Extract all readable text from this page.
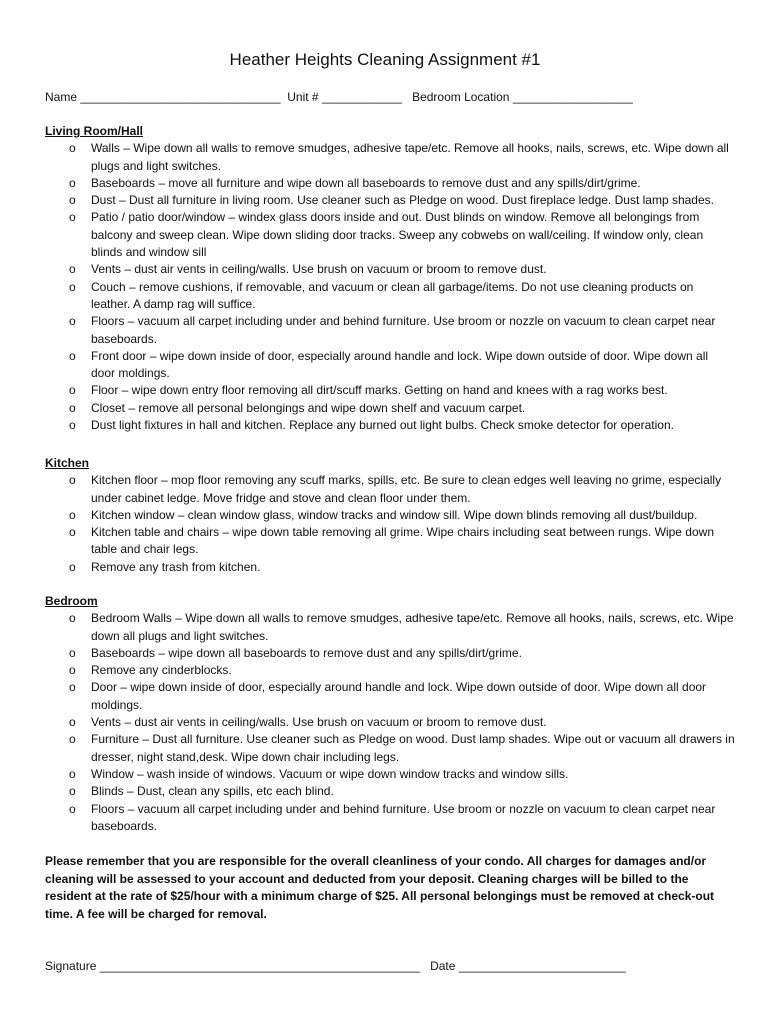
Heather Heights Cleaning Assignment #1
Name ______________________________ Unit # ____________ Bedroom Location __________________
Living Room/Hall
o Walls – Wipe down all walls to remove smudges, adhesive tape/etc. Remove all hooks, nails, screws, etc. Wipe down all plugs and light switches.
o Baseboards – move all furniture and wipe down all baseboards to remove dust and any spills/dirt/grime.
o Dust – Dust all furniture in living room. Use cleaner such as Pledge on wood. Dust fireplace ledge. Dust lamp shades.
o Patio / patio door/window – windex glass doors inside and out. Dust blinds on window. Remove all belongings from balcony and sweep clean. Wipe down sliding door tracks. Sweep any cobwebs on wall/ceiling. If window only, clean blinds and window sill
o Vents – dust air vents in ceiling/walls. Use brush on vacuum or broom to remove dust.
o Couch – remove cushions, if removable, and vacuum or clean all garbage/items. Do not use cleaning products on leather. A damp rag will suffice.
o Floors – vacuum all carpet including under and behind furniture. Use broom or nozzle on vacuum to clean carpet near baseboards.
o Front door – wipe down inside of door, especially around handle and lock. Wipe down outside of door. Wipe down all door moldings.
o Floor – wipe down entry floor removing all dirt/scuff marks. Getting on hand and knees with a rag works best.
o Closet – remove all personal belongings and wipe down shelf and vacuum carpet.
o Dust light fixtures in hall and kitchen. Replace any burned out light bulbs. Check smoke detector for operation.
Kitchen
o Kitchen floor – mop floor removing any scuff marks, spills, etc. Be sure to clean edges well leaving no grime, especially under cabinet ledge. Move fridge and stove and clean floor under them.
o Kitchen window – clean window glass, window tracks and window sill. Wipe down blinds removing all dust/buildup.
o Kitchen table and chairs – wipe down table removing all grime. Wipe chairs including seat between rungs. Wipe down table and chair legs.
o Remove any trash from kitchen.
Bedroom
o Bedroom Walls – Wipe down all walls to remove smudges, adhesive tape/etc. Remove all hooks, nails, screws, etc. Wipe down all plugs and light switches.
o Baseboards – wipe down all baseboards to remove dust and any spills/dirt/grime.
o Remove any cinderblocks.
o Door – wipe down inside of door, especially around handle and lock. Wipe down outside of door. Wipe down all door moldings.
o Vents – dust air vents in ceiling/walls. Use brush on vacuum or broom to remove dust.
o Furniture – Dust all furniture. Use cleaner such as Pledge on wood. Dust lamp shades. Wipe out or vacuum all drawers in dresser, night stand,desk. Wipe down chair including legs.
o Window – wash inside of windows. Vacuum or wipe down window tracks and window sills.
o Blinds – Dust, clean any spills, etc each blind.
o Floors – vacuum all carpet including under and behind furniture. Use broom or nozzle on vacuum to clean carpet near baseboards.
Please remember that you are responsible for the overall cleanliness of your condo. All charges for damages and/or cleaning will be assessed to your account and deducted from your deposit. Cleaning charges will be billed to the resident at the rate of $25/hour with a minimum charge of $25. All personal belongings must be removed at check-out time. A fee will be charged for removal.
Signature ________________________________________________ Date _________________________
